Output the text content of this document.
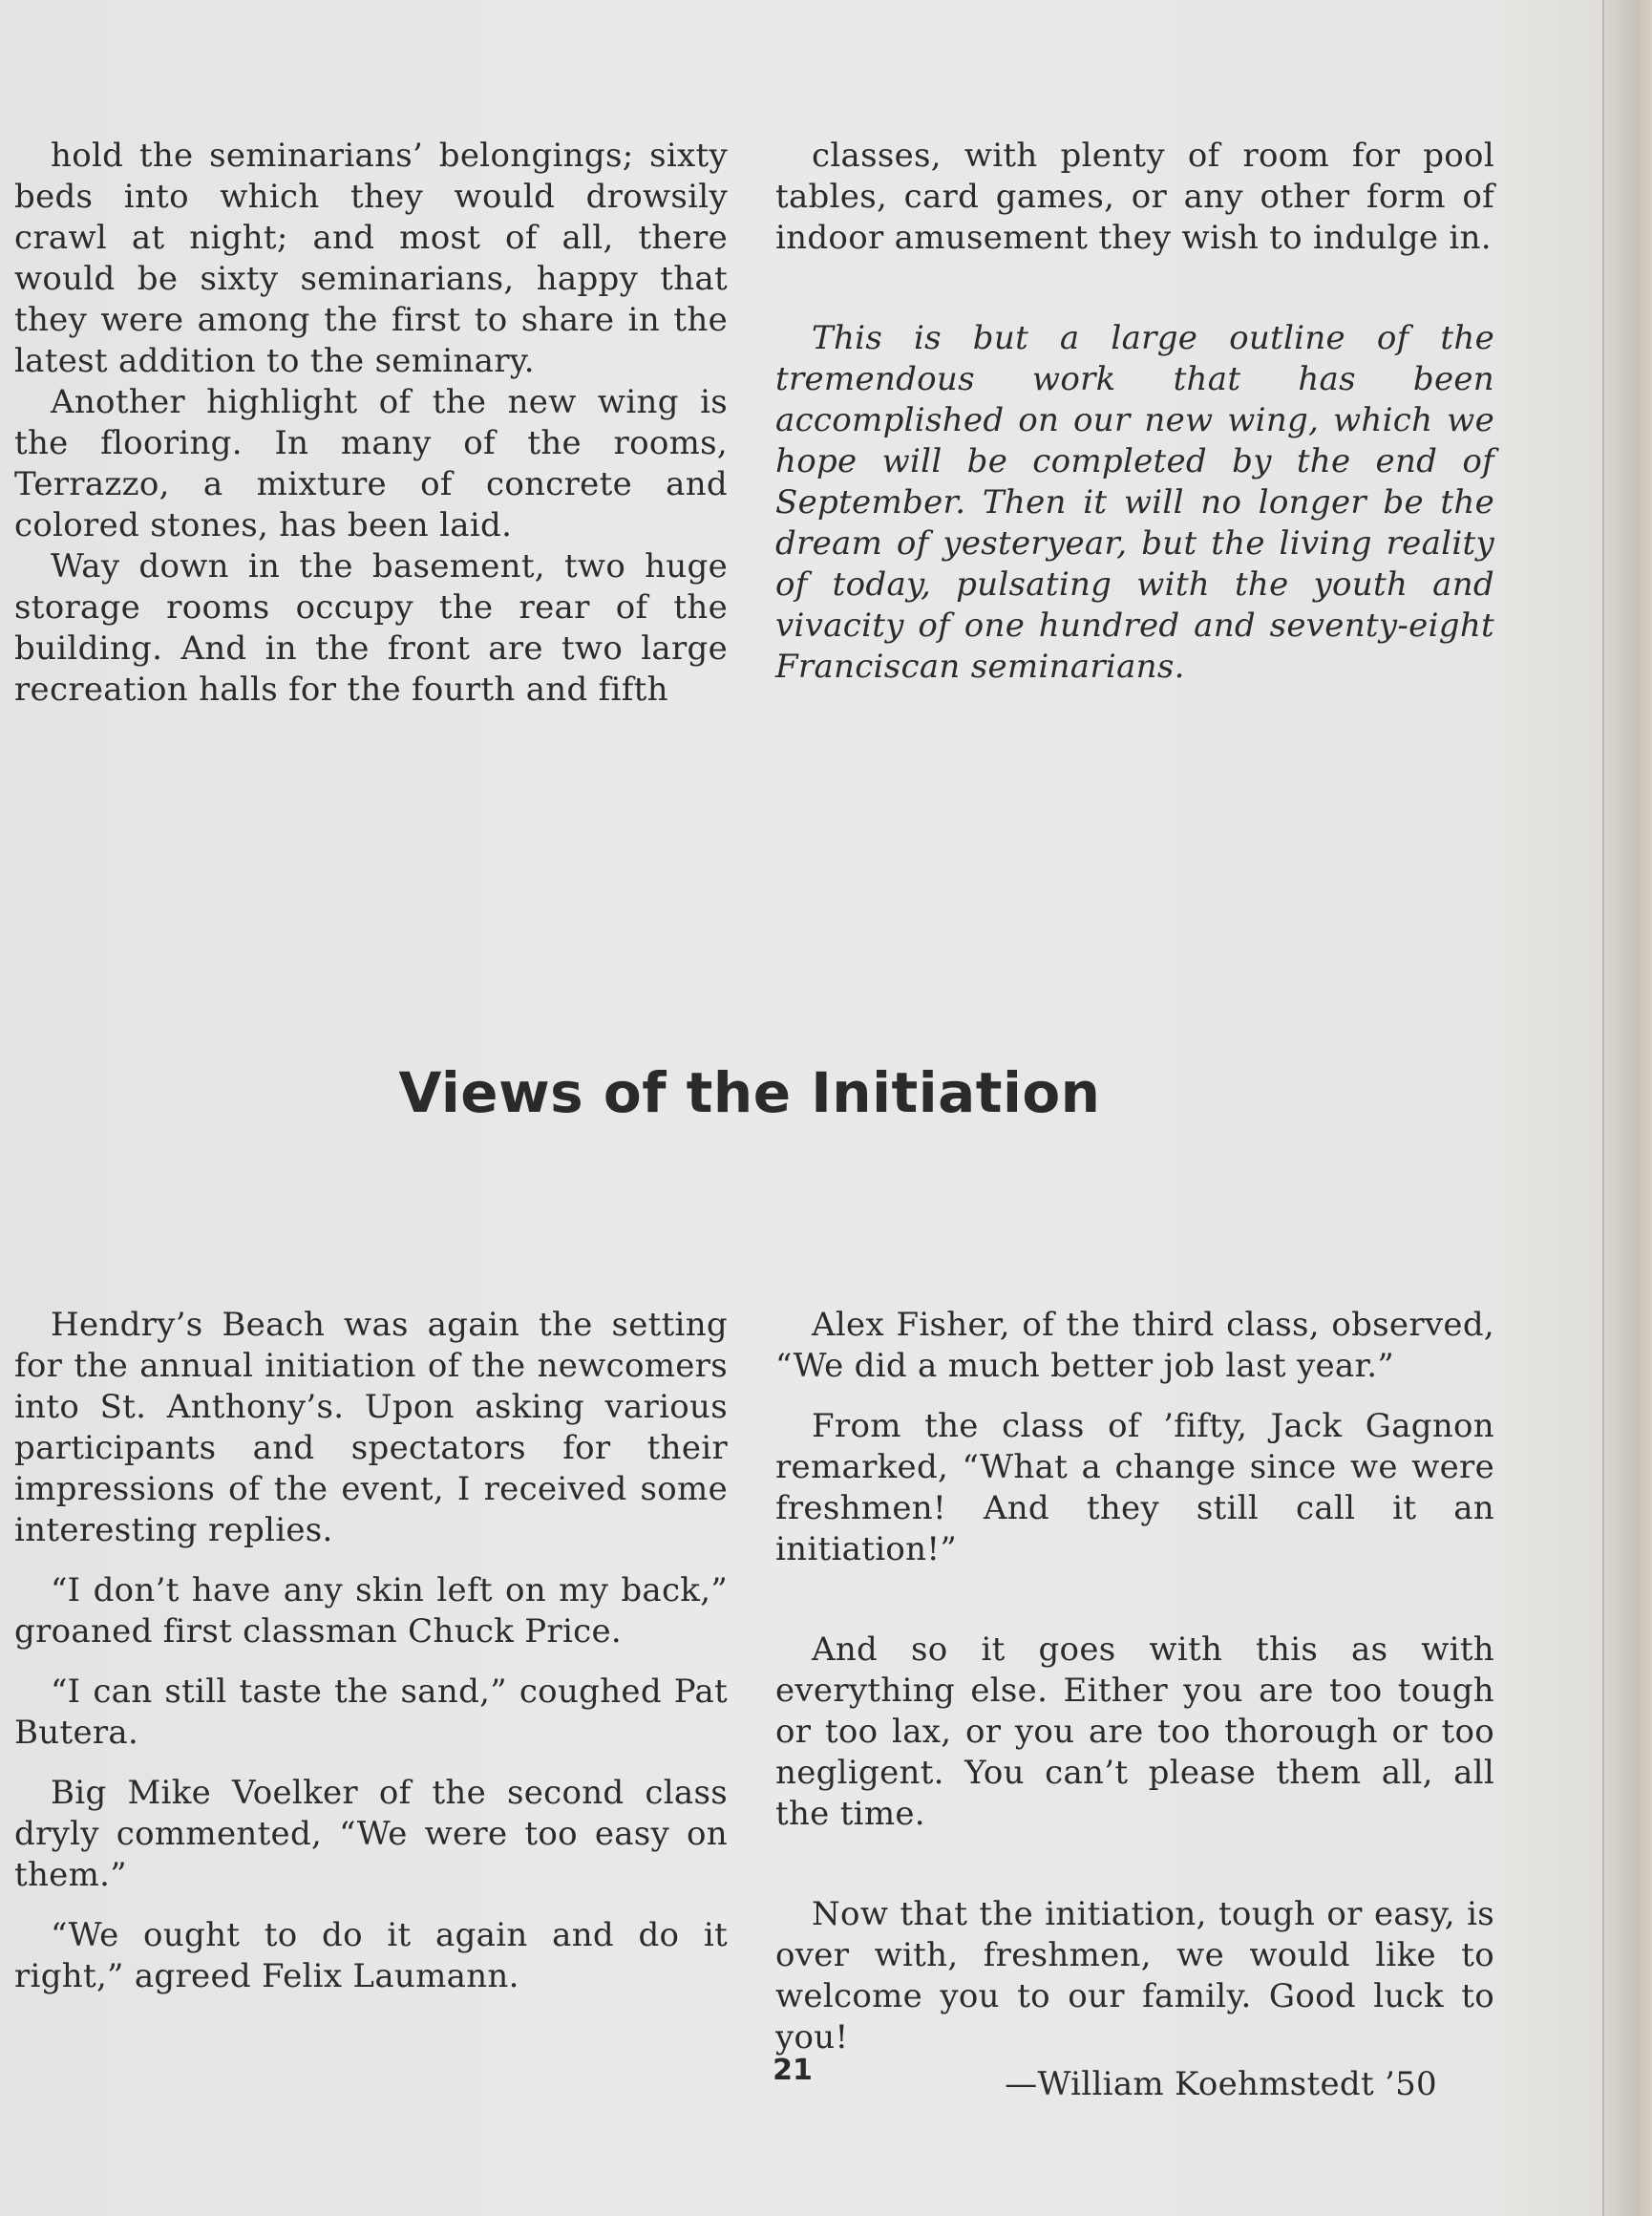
hold the seminarians’ belongings; sixty beds into which they would drowsily crawl at night; and most of all, there would be sixty seminarians, happy that they were among the first to share in the latest addition to the seminary.

Another highlight of the new wing is the flooring. In many of the rooms, Terrazzo, a mixture of concrete and colored stones, has been laid.

Way down in the basement, two huge storage rooms occupy the rear of the building. And in the front are two large recreation halls for the fourth and fifth

classes, with plenty of room for pool tables, card games, or any other form of indoor amusement they wish to indulge in.

This is but a large outline of the tremendous work that has been accomplished on our new wing, which we hope will be completed by the end of September. Then it will no longer be the dream of yesteryear, but the living reality of today, pulsating with the youth and vivacity of one hundred and seventy-eight Franciscan seminarians.

Views of the Initiation

Hendry’s Beach was again the setting for the annual initiation of the newcomers into St. Anthony’s. Upon asking various participants and spectators for their impressions of the event, I received some interesting replies.

“I don’t have any skin left on my back,” groaned first classman Chuck Price.

“I can still taste the sand,” coughed Pat Butera.

Big Mike Voelker of the second class dryly commented, “We were too easy on them.”

“We ought to do it again and do it right,” agreed Felix Laumann.

Alex Fisher, of the third class, observed, “We did a much better job last year.”

From the class of ’fifty, Jack Gagnon remarked, “What a change since we were freshmen! And they still call it an initiation!”

And so it goes with this as with everything else. Either you are too tough or too lax, or you are too thorough or too negligent. You can’t please them all, all the time.

Now that the initiation, tough or easy, is over with, freshmen, we would like to welcome you to our family. Good luck to you!

—William Koehmstedt ’50

21
